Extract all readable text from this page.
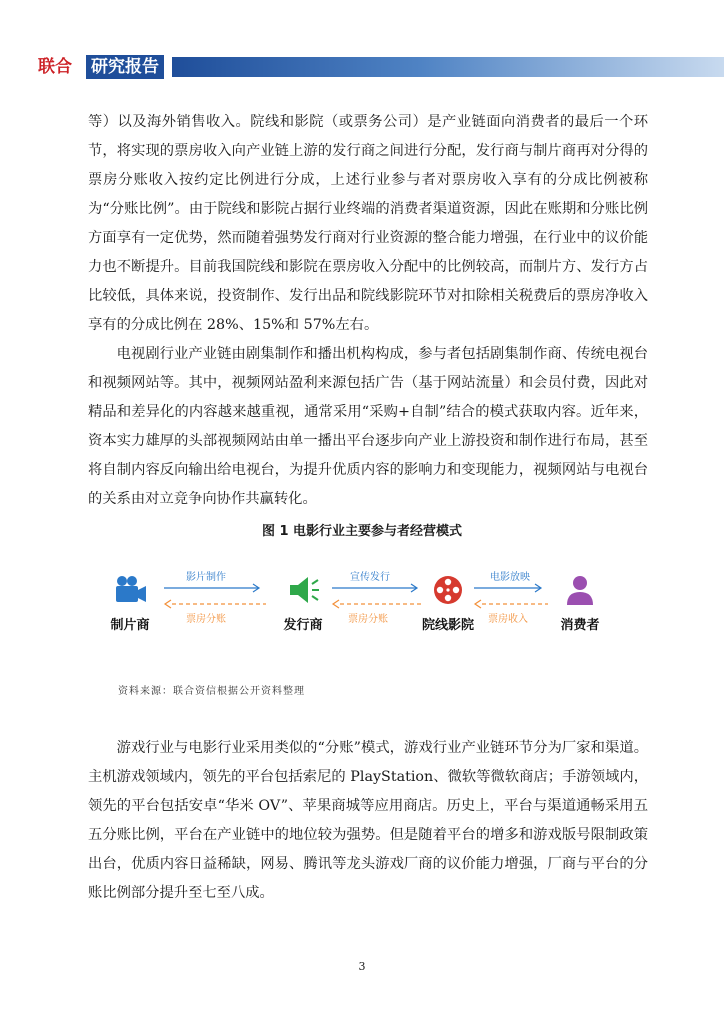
联合 研究报告

等）以及海外销售收入。院线和影院（或票务公司）是产业链面向消费者的最后一个环节，将实现的票房收入向产业链上游的发行商之间进行分配，发行商与制片商再对分得的票房分账收入按约定比例进行分成，上述行业参与者对票房收入享有的分成比例被称为“分账比例”。由于院线和影院占据行业终端的消费者渠道资源，因此在账期和分账比例方面享有一定优势，然而随着强势发行商对行业资源的整合能力增强，在行业中的议价能力也不断提升。目前我国院线和影院在票房收入分配中的比例较高，而制片方、发行方占比较低，具体来说，投资制作、发行出品和院线影院环节对扣除相关税费后的票房净收入享有的分成比例在 28%、15%和 57%左右。

电视剧行业产业链由剧集制作和播出机构构成，参与者包括剧集制作商、传统电视台和视频网站等。其中，视频网站盈利来源包括广告（基于网站流量）和会员付费，因此对精品和差异化的内容越来越重视，通常采用“采购+自制”结合的模式获取内容。近年来，资本实力雄厚的头部视频网站由单一播出平台逐步向产业上游投资和制作进行布局，甚至将自制内容反向输出给电视台，为提升优质内容的影响力和变现能力，视频网站与电视台的关系由对立竞争向协作共赢转化。

图 1 电影行业主要参与者经营模式
制片商
影片制作
票房分账	发行商
宣传发行
票房分账	院线影院
电影放映
票房收入	消费者
资料来源：联合资信根据公开资料整理

游戏行业与电影行业采用类似的“分账”模式，游戏行业产业链环节分为厂家和渠道。主机游戏领域内，领先的平台包括索尼的 PlayStation、微软等微软商店；手游领域内，领先的平台包括安卓“华米 OV”、苹果商城等应用商店。历史上，平台与渠道通畅采用五五分账比例，平台在产业链中的地位较为强势。但是随着平台的增多和游戏版号限制政策出台，优质内容日益稀缺，网易、腾讯等龙头游戏厂商的议价能力增强，厂商与平台的分账比例部分提升至七至八成。

3
